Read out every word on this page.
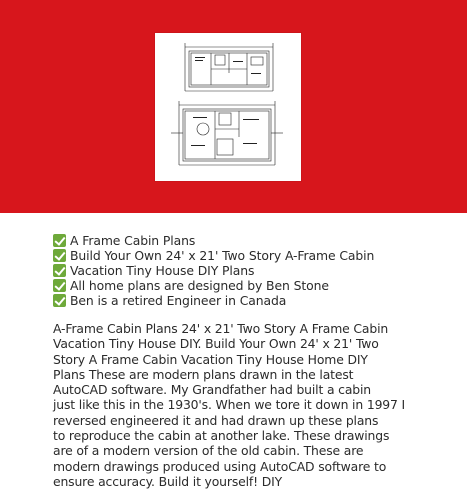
A Frame Cabin Plans
Build Your Own 24' x 21' Two Story A-Frame Cabin
Vacation Tiny House DIY Plans
All home plans are designed by Ben Stone
Ben is a retired Engineer in Canada

A-Frame Cabin Plans 24' x 21' Two Story A Frame Cabin
Vacation Tiny House DIY. Build Your Own 24' x 21' Two
Story A Frame Cabin Vacation Tiny House Home DIY
Plans These are modern plans drawn in the latest
AutoCAD software. My Grandfather had built a cabin
just like this in the 1930's. When we tore it down in 1997 I
reversed engineered it and had drawn up these plans
to reproduce the cabin at another lake. These drawings
are of a modern version of the old cabin. These are
modern drawings produced using AutoCAD software to
ensure accuracy. Build it yourself! DIY
